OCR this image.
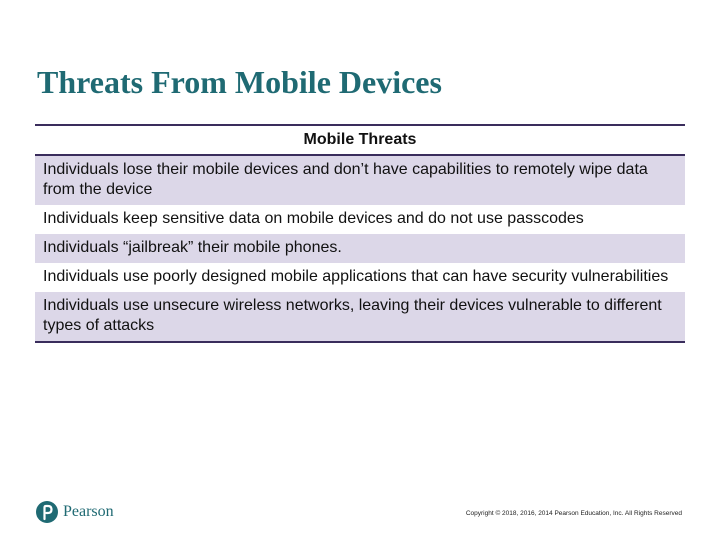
Threats From Mobile Devices
Mobile Threats
Individuals lose their mobile devices and don’t have capabilities to remotely wipe data from the device
Individuals keep sensitive data on mobile devices and do not use passcodes
Individuals “jailbreak” their mobile phones.
Individuals use poorly designed mobile applications that can have security vulnerabilities
Individuals use unsecure wireless networks, leaving their devices vulnerable to different types of attacks
Pearson	Copyright © 2018, 2016, 2014 Pearson Education, Inc. All Rights Reserved
